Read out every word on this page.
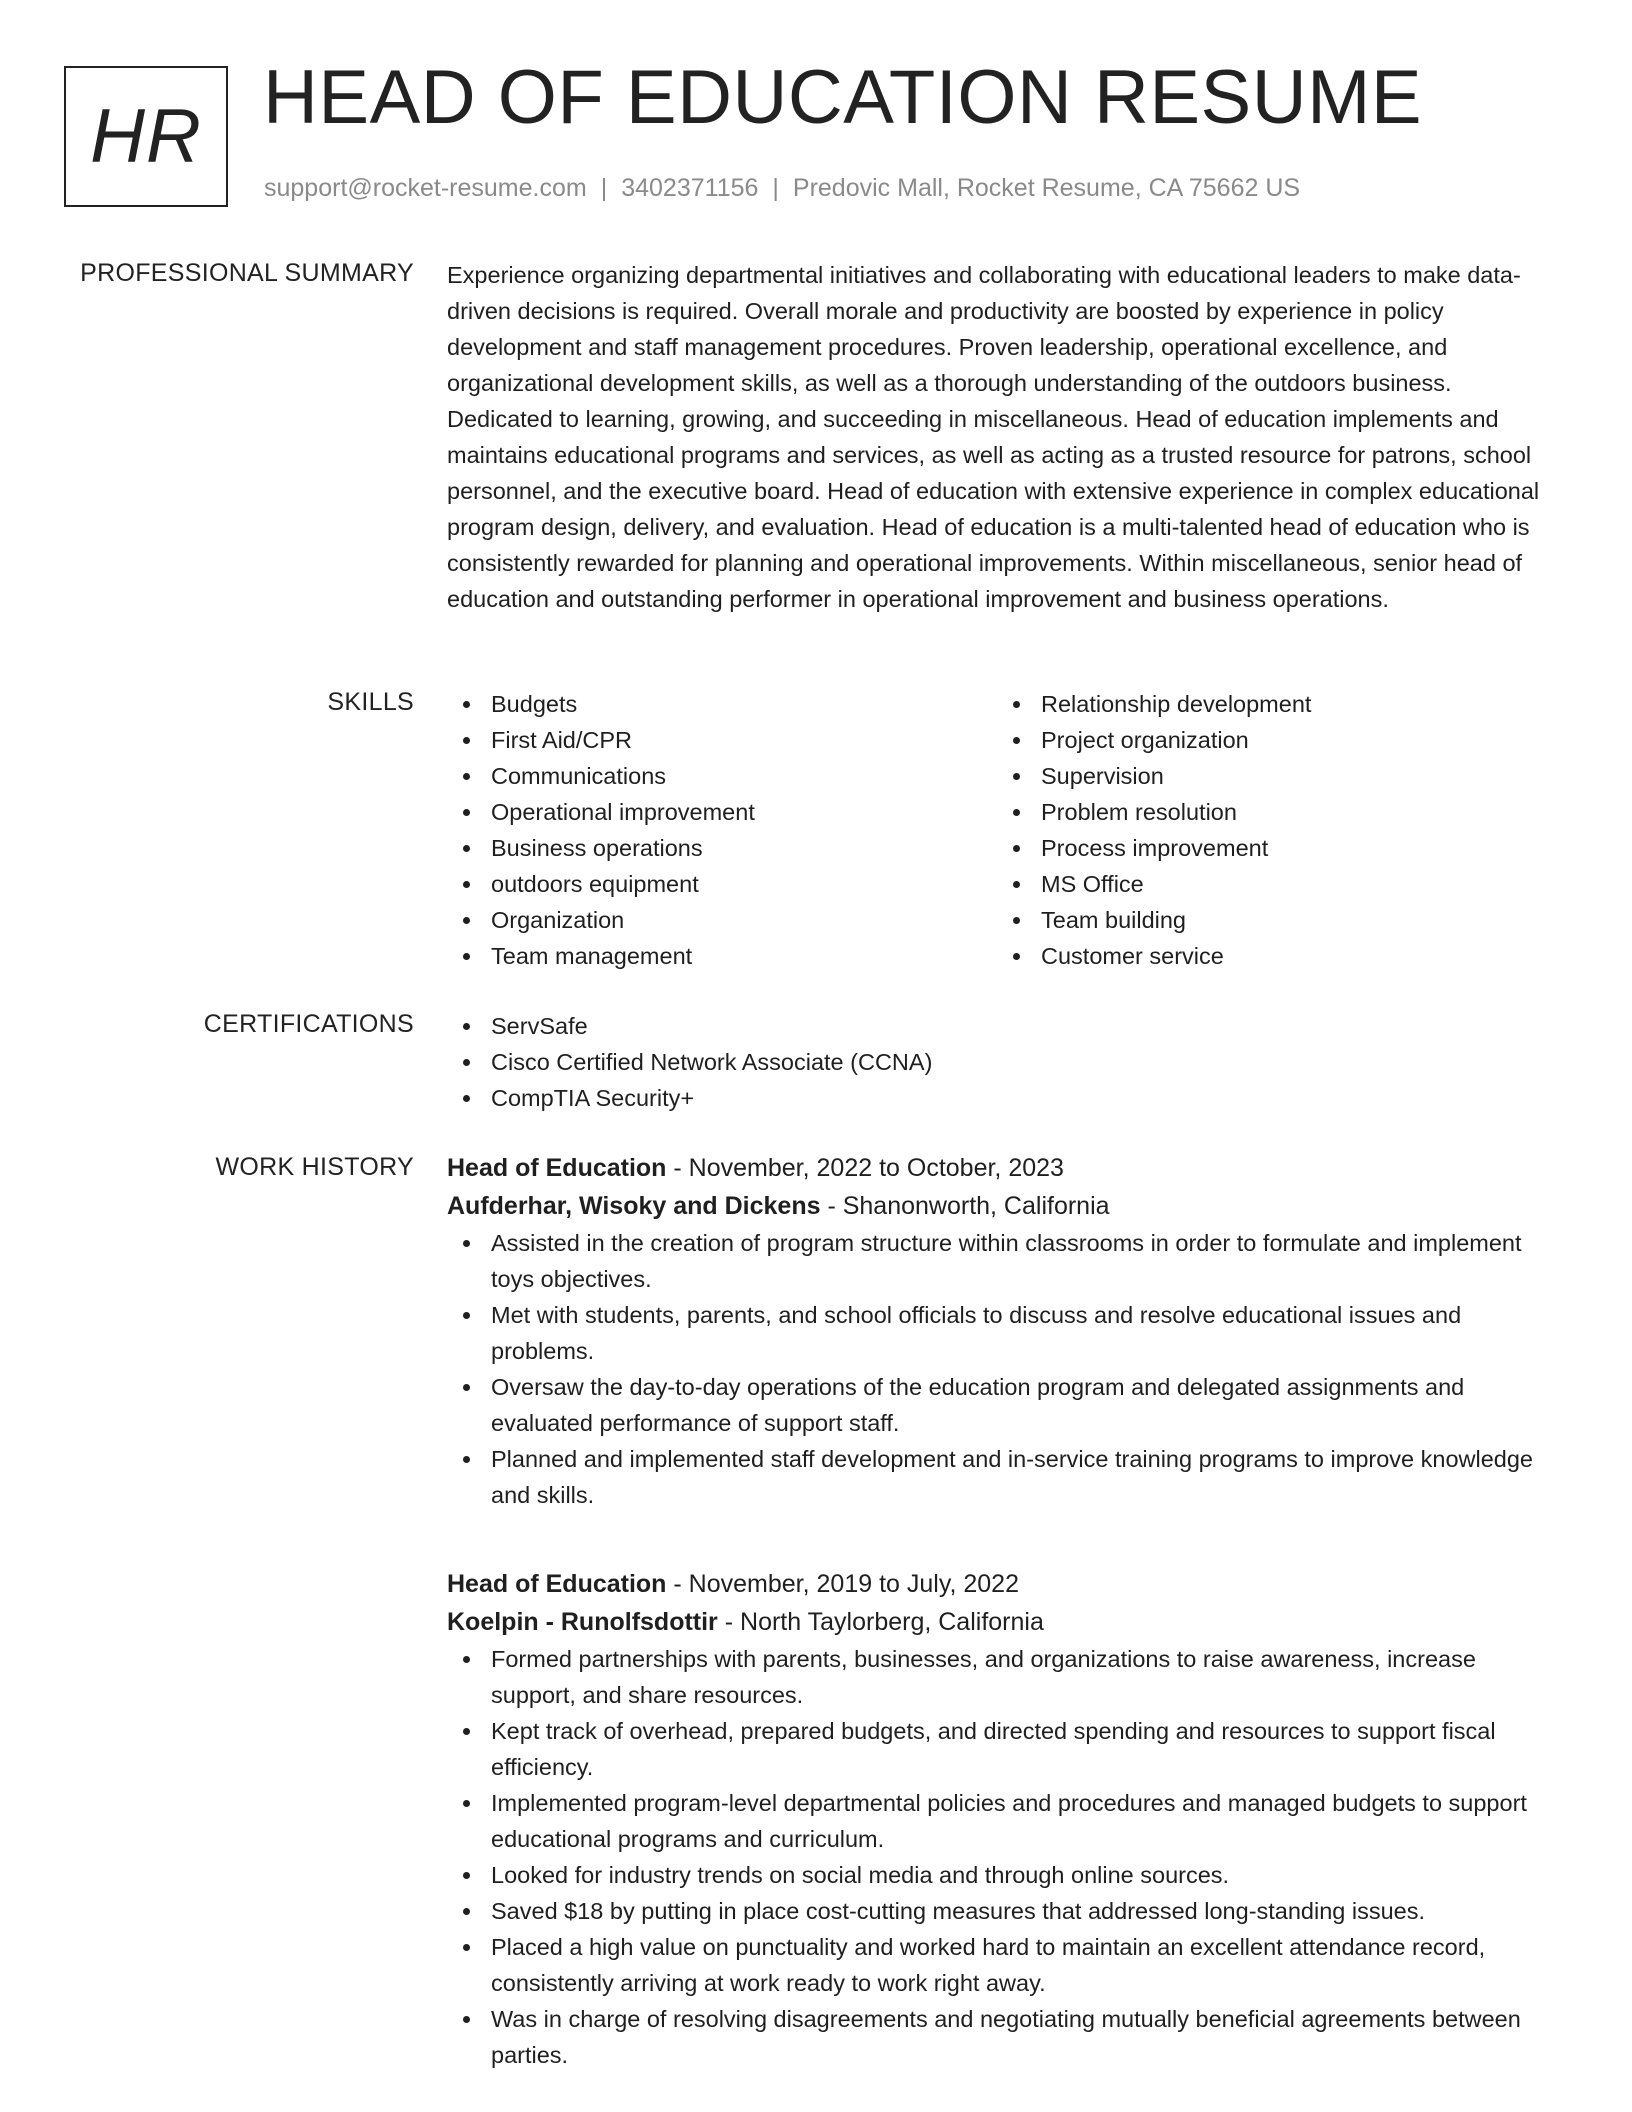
HR HEAD OF EDUCATION RESUME
support@rocket-resume.com | 3402371156 | Predovic Mall, Rocket Resume, CA 75662 US
PROFESSIONAL SUMMARY Experience organizing departmental initiatives and collaborating with educational leaders to make data-driven decisions is required. Overall morale and productivity are boosted by experience in policy development and staff management procedures. Proven leadership, operational excellence, and organizational development skills, as well as a thorough understanding of the outdoors business. Dedicated to learning, growing, and succeeding in miscellaneous. Head of education implements and maintains educational programs and services, as well as acting as a trusted resource for patrons, school personnel, and the executive board. Head of education with extensive experience in complex educational program design, delivery, and evaluation. Head of education is a multi-talented head of education who is consistently rewarded for planning and operational improvements. Within miscellaneous, senior head of education and outstanding performer in operational improvement and business operations.

SKILLS	Budgets
First Aid/CPR
Communications
Operational improvement
Business operations
outdoors equipment
Organization
Team management
Relationship development
Project organization
Supervision
Problem resolution
Process improvement
MS Office
Team building
Customer service
CERTIFICATIONS	ServSafe
Cisco Certified Network Associate (CCNA)
CompTIA Security+
WORK HISTORY Head of Education - November, 2022 to October, 2023
Aufderhar, Wisoky and Dickens - Shanonworth, California
Assisted in the creation of program structure within classrooms in order to formulate and implement toys objectives.
Met with students, parents, and school officials to discuss and resolve educational issues and problems.
Oversaw the day-to-day operations of the education program and delegated assignments and evaluated performance of support staff.
Planned and implemented staff development and in-service training programs to improve knowledge and skills.
Head of Education - November, 2019 to July, 2022
Koelpin - Runolfsdottir - North Taylorberg, California
Formed partnerships with parents, businesses, and organizations to raise awareness, increase support, and share resources.
Kept track of overhead, prepared budgets, and directed spending and resources to support fiscal efficiency.
Implemented program-level departmental policies and procedures and managed budgets to support educational programs and curriculum.
Looked for industry trends on social media and through online sources.
Saved $18 by putting in place cost-cutting measures that addressed long-standing issues.
Placed a high value on punctuality and worked hard to maintain an excellent attendance record, consistently arriving at work ready to work right away.
Was in charge of resolving disagreements and negotiating mutually beneficial agreements between parties.
